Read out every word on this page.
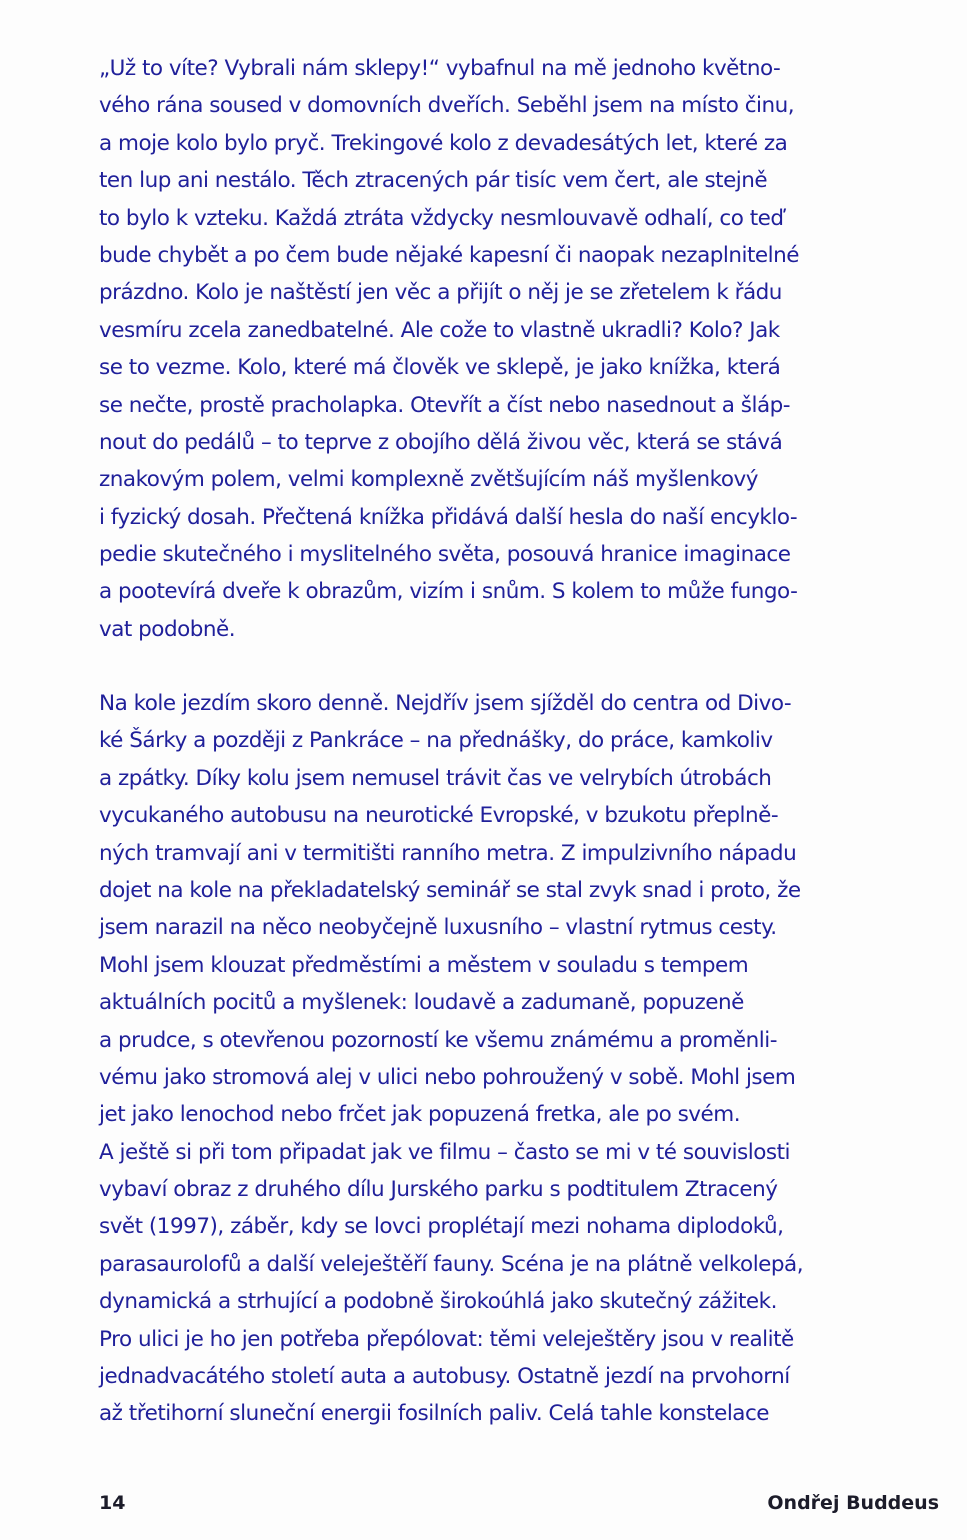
„Už to víte? Vybrali nám sklepy!“ vybafnul na mě jednoho květno-
vého rána soused v domovních dveřích. Seběhl jsem na místo činu,
a moje kolo bylo pryč. Trekingové kolo z devadesátých let, které za
ten lup ani nestálo. Těch ztracených pár tisíc vem čert, ale stejně
to bylo k vzteku. Každá ztráta vždycky nesmlouvavě odhalí, co teď
bude chybět a po čem bude nějaké kapesní či naopak nezaplnitelné
prázdno. Kolo je naštěstí jen věc a přijít o něj je se zřetelem k řádu
vesmíru zcela zanedbatelné. Ale cože to vlastně ukradli? Kolo? Jak
se to vezme. Kolo, které má člověk ve sklepě, je jako knížka, která
se nečte, prostě pracholapka. Otevřít a číst nebo nasednout a šláp-
nout do pedálů – to teprve z obojího dělá živou věc, která se stává
znakovým polem, velmi komplexně zvětšujícím náš myšlenkový
i fyzický dosah. Přečtená knížka přidává další hesla do naší encyklo-
pedie skutečného i myslitelného světa, posouvá hranice imaginace
a pootevírá dveře k obrazům, vizím i snům. S kolem to může fungo-
vat podobně.

Na kole jezdím skoro denně. Nejdřív jsem sjížděl do centra od Divo-
ké Šárky a později z Pankráce – na přednášky, do práce, kamkoliv
a zpátky. Díky kolu jsem nemusel trávit čas ve velrybích útrobách
vycukaného autobusu na neurotické Evropské, v bzukotu přeplně-
ných tramvají ani v termitišti ranního metra. Z impulzivního nápadu
dojet na kole na překladatelský seminář se stal zvyk snad i proto, že
jsem narazil na něco neobyčejně luxusního – vlastní rytmus cesty.
Mohl jsem klouzat předměstími a městem v souladu s tempem
aktuálních pocitů a myšlenek: loudavě a zadumaně, popuzeně
a prudce, s otevřenou pozorností ke všemu známému a proměnli-
vému jako stromová alej v ulici nebo pohroužený v sobě. Mohl jsem
jet jako lenochod nebo frčet jak popuzená fretka, ale po svém.
A ještě si při tom připadat jak ve filmu – často se mi v té souvislosti
vybaví obraz z druhého dílu Jurského parku s podtitulem Ztracený
svět (1997), záběr, kdy se lovci proplétají mezi nohama diplodoků,
parasaurolofů a další veleještěří fauny. Scéna je na plátně velkolepá,
dynamická a strhující a podobně širokoúhlá jako skutečný zážitek.
Pro ulici je ho jen potřeba přepólovat: těmi veleještěry jsou v realitě
jednadvacátého století auta a autobusy. Ostatně jezdí na prvohorní
až třetihorní sluneční energii fosilních paliv. Celá tahle konstelace

14	Ondřej Buddeus
